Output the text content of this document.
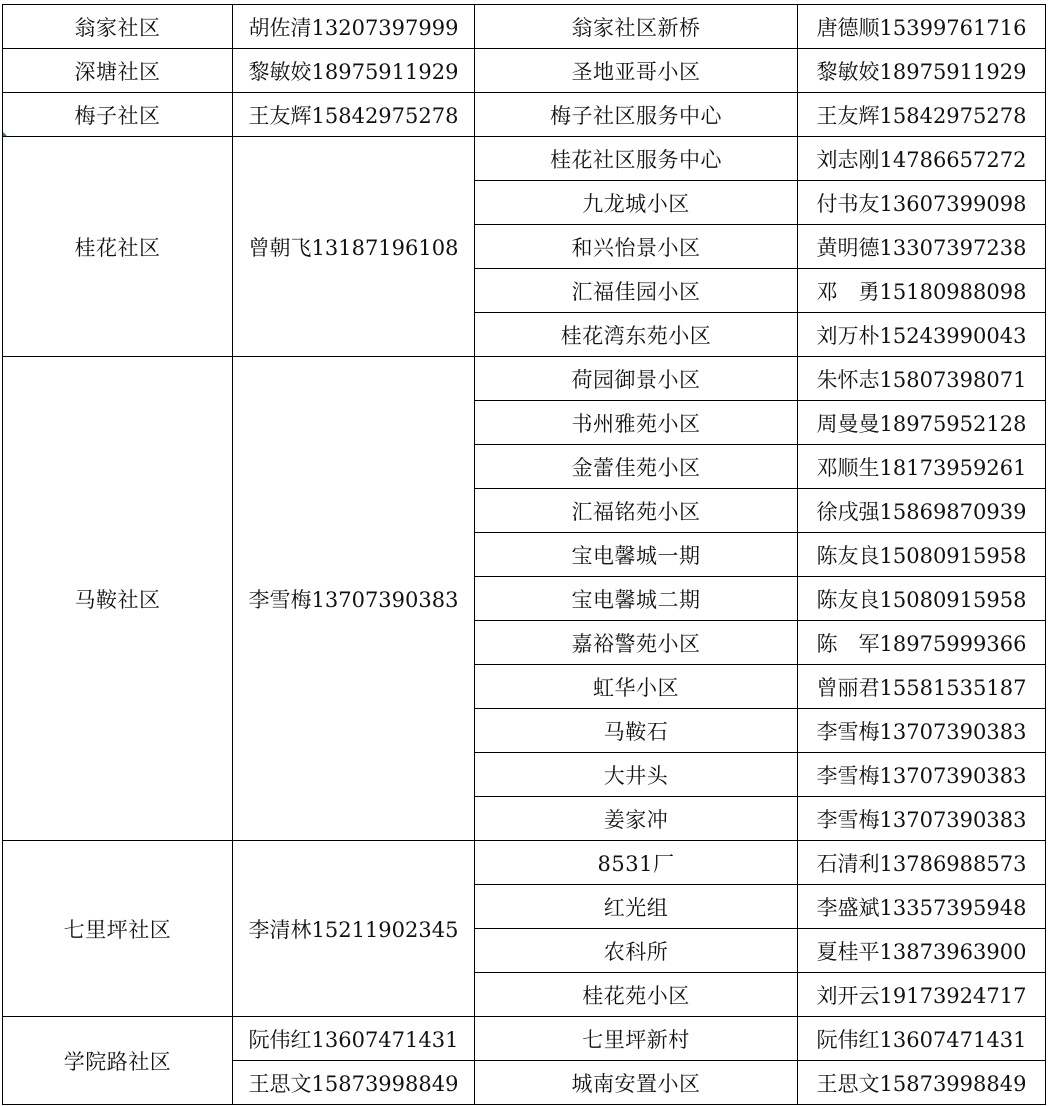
翁家社区	胡佐清13207397999	翁家社区新桥	唐德顺15399761716
深塘社区	黎敏姣18975911929	圣地亚哥小区	黎敏姣18975911929
梅子社区	王友辉15842975278	梅子社区服务中心	王友辉15842975278
桂花社区	曾朝飞13187196108	桂花社区服务中心	刘志刚14786657272
		九龙城小区	付书友13607399098
		和兴怡景小区	黄明德13307397238
		汇福佳园小区	邓　勇15180988098
		桂花湾东苑小区	刘万朴15243990043
马鞍社区	李雪梅13707390383	荷园御景小区	朱怀志15807398071
		书州雅苑小区	周曼曼18975952128
		金蕾佳苑小区	邓顺生18173959261
		汇福铭苑小区	徐戌强15869870939
		宝电馨城一期	陈友良15080915958
		宝电馨城二期	陈友良15080915958
		嘉裕警苑小区	陈　军18975999366
		虹华小区	曾丽君15581535187
		马鞍石	李雪梅13707390383
		大井头	李雪梅13707390383
		姜家冲	李雪梅13707390383
七里坪社区	李清林15211902345	8531厂	石清利13786988573
		红光组	李盛斌13357395948
		农科所	夏桂平13873963900
		桂花苑小区	刘开云19173924717
学院路社区	阮伟红13607471431	七里坪新村	阮伟红13607471431
	王思文15873998849	城南安置小区	王思文15873998849
